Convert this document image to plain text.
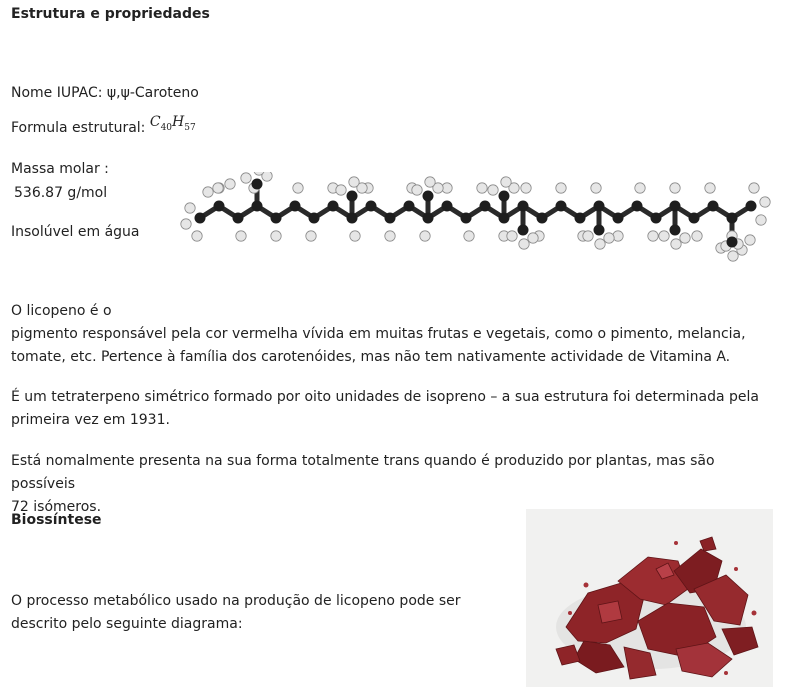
Estrutura e propriedades
Nome IUPAC: ψ,ψ-Caroteno
Formula estrutural: $C_{40}H_{57}$
Massa molar :
536.87 g/mol
Insolúvel em água
O licopeno é o
pigmento responsável pela cor vermelha vívida em muitas frutas e vegetais, como o pimento, melancia,
tomate, etc. Pertence à família dos carotenóides, mas não tem nativamente actividade de Vitamina A.
É um tetraterpeno simétrico formado por oito unidades de isopreno – a sua estrutura foi determinada pela
primeira vez em 1931.
Está nomalmente presenta na sua forma totalmente trans quando é produzido por plantas, mas são possíveis
72 isómeros.
Biossíntese
O processo metabólico usado na produção de licopeno pode ser
descrito pelo seguinte diagrama:
